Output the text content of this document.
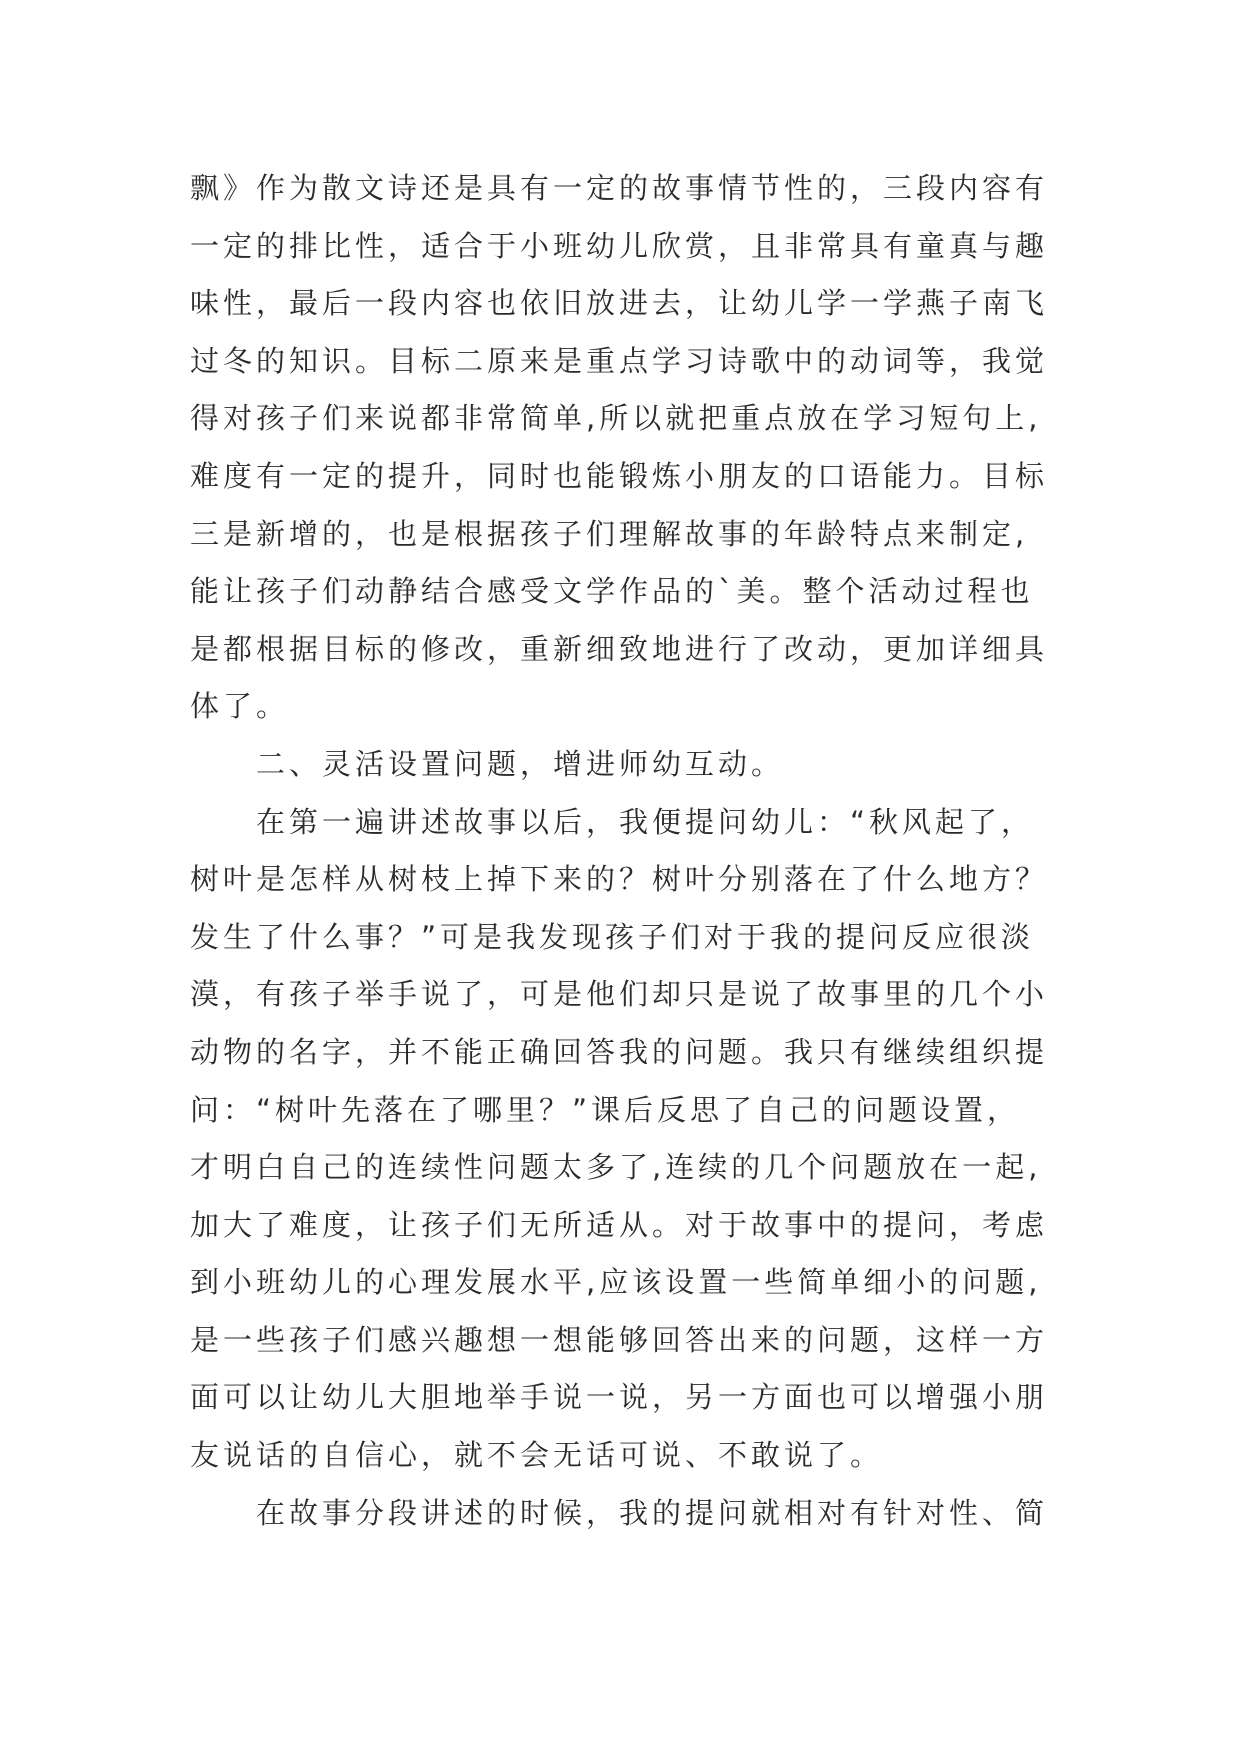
飘》作为散文诗还是具有一定的故事情节性的，三段内容有
一定的排比性，适合于小班幼儿欣赏，且非常具有童真与趣
味性，最后一段内容也依旧放进去，让幼儿学一学燕子南飞
过冬的知识。目标二原来是重点学习诗歌中的动词等，我觉
得对孩子们来说都非常简单,所以就把重点放在学习短句上,
难度有一定的提升，同时也能锻炼小朋友的口语能力。目标
三是新增的，也是根据孩子们理解故事的年龄特点来制定,
能让孩子们动静结合感受文学作品的`美。整个活动过程也
是都根据目标的修改，重新细致地进行了改动，更加详细具
体了。
二、灵活设置问题，增进师幼互动。
在第一遍讲述故事以后，我便提问幼儿：“秋风起了，
树叶是怎样从树枝上掉下来的？树叶分别落在了什么地方？
发生了什么事？”可是我发现孩子们对于我的提问反应很淡
漠，有孩子举手说了，可是他们却只是说了故事里的几个小
动物的名字，并不能正确回答我的问题。我只有继续组织提
问：“树叶先落在了哪里？”课后反思了自己的问题设置，
才明白自己的连续性问题太多了,连续的几个问题放在一起,
加大了难度，让孩子们无所适从。对于故事中的提问，考虑
到小班幼儿的心理发展水平,应该设置一些简单细小的问题,
是一些孩子们感兴趣想一想能够回答出来的问题，这样一方
面可以让幼儿大胆地举手说一说，另一方面也可以增强小朋
友说话的自信心，就不会无话可说、不敢说了。
在故事分段讲述的时候，我的提问就相对有针对性、简
